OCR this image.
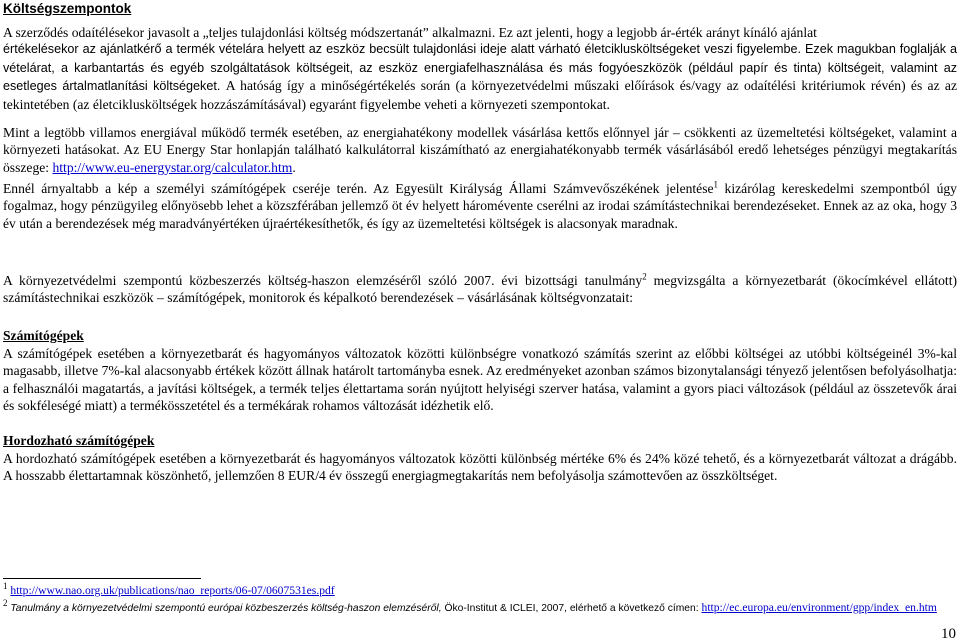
Költségszempontok

A szerződés odaítélésekor javasolt a „teljes tulajdonlási költség módszertanát” alkalmazni. Ez azt jelenti, hogy a legjobb ár-érték arányt kínáló ajánlat

értékelésekor az ajánlatkérő a termék vételára helyett az eszköz becsült tulajdonlási ideje alatt várható életciklusköltségeket veszi figyelembe. Ezek magukban foglalják a vételárat, a karbantartás és egyéb szolgáltatások költségeit, az eszköz energiafelhasználása és más fogyóeszközök (például papír és tinta) költségeit, valamint az esetleges ártalmatlanítási költségeket. A hatóság így a minőségértékelés során (a környezetvédelmi műszaki előírások és/vagy az odaítélési kritériumok révén) és az az tekintetében (az életciklusköltségek hozzászámításával) egyaránt figyelembe veheti a környezeti szempontokat.

Mint a legtöbb villamos energiával működő termék esetében, az energiahatékony modellek vásárlása kettős előnnyel jár – csökkenti az üzemeltetési költségeket, valamint a környezeti hatásokat. Az EU Energy Star honlapján található kalkulátorral kiszámítható az energiahatékonyabb termék vásárlásából eredő lehetséges pénzügyi megtakarítás összege: http://www.eu-energystar.org/calculator.htm.
Ennél árnyaltabb a kép a személyi számítógépek cseréje terén. Az Egyesült Királyság Állami Számvevőszékének jelentése$^1$ kizárólag kereskedelmi szempontból úgy fogalmaz, hogy pénzügyileg előnyösebb lehet a közszférában jellemző öt év helyett háromévente cserélni az irodai számítástechnikai berendezéseket. Ennek az az oka, hogy 3 év után a berendezések még maradványértéken újraértékesíthetők, és így az üzemeltetési költségek is alacsonyak maradnak.
A környezetvédelmi szempontú közbeszerzés költség-haszon elemzéséről szóló 2007. évi bizottsági tanulmány$^2$ megvizsgálta a környezetbarát (ökocímkével ellátott) számítástechnikai eszközök – számítógépek, monitorok és képalkotó berendezések – vásárlásának költségvonzatait:

Számítógépek

A számítógépek esetében a környezetbarát és hagyományos változatok közötti különbségre vonatkozó számítás szerint az előbbi költségei az utóbbi költségeinél 3%-kal magasabb, illetve 7%-kal alacsonyabb értékek között állnak határolt tartományba esnek. Az eredményeket azonban számos bizonytalansági tényező jelentősen befolyásolhatja: a felhasználói magatartás, a javítási költségek, a termék teljes élettartama során nyújtott helyiségi szerver hatása, valamint a gyors piaci változások (például az összetevők árai és sokféleségé miatt) a termékösszetétel és a termékárak rohamos változását idézhetik elő.

Hordozható számítógépek

A hordozható számítógépek esetében a környezetbarát és hagyományos változatok közötti különbség mértéke 6% és 24% közé tehető, és a környezetbarát változat a drágább. A hosszabb élettartamnak köszönhető, jellemzően 8 EUR/4 év összegű energiagmegtakarítás nem befolyásolja számottevően az összköltséget.

$^1$ http://www.nao.org.uk/publications/nao_reports/06-07/0607531es.pdf
$^2$ Tanulmány a környezetvédelmi szempontú európai közbeszerzés költség-haszon elemzéséről, Öko-Institut & ICLEI, 2007, elérhető a következő címen: http://ec.europa.eu/environment/gpp/index_en.htm
10
